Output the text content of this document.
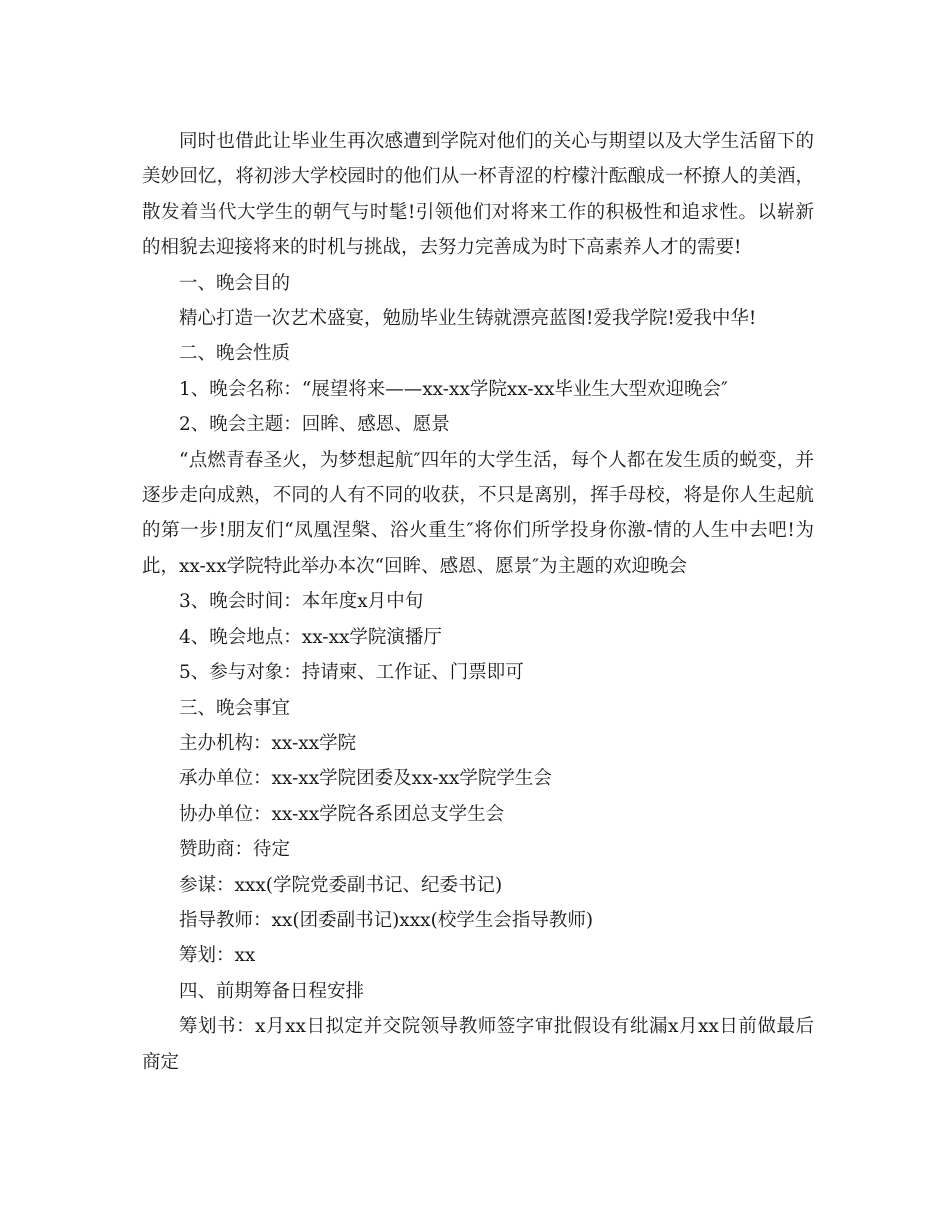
同时也借此让毕业生再次感遭到学院对他们的关心与期望以及大学生活留下的美妙回忆，将初涉大学校园时的他们从一杯青涩的柠檬汁酝酿成一杯撩人的美酒，散发着当代大学生的朝气与时髦!引领他们对将来工作的积极性和追求性。以崭新的相貌去迎接将来的时机与挑战，去努力完善成为时下高素养人才的需要!

一、晚会目的

精心打造一次艺术盛宴，勉励毕业生铸就漂亮蓝图!爱我学院!爱我中华!

二、晚会性质

1、晚会名称：“展望将来——xx-xx学院xx-xx毕业生大型欢迎晚会″

2、晚会主题：回眸、感恩、愿景

“点燃青春圣火，为梦想起航″四年的大学生活，每个人都在发生质的蜕变，并逐步走向成熟，不同的人有不同的收获，不只是离别，挥手母校，将是你人生起航的第一步!朋友们“凤凰涅槃、浴火重生″将你们所学投身你激-情的人生中去吧!为此，xx-xx学院特此举办本次“回眸、感恩、愿景″为主题的欢迎晚会

3、晚会时间：本年度x月中旬

4、晚会地点：xx-xx学院演播厅

5、参与对象：持请柬、工作证、门票即可

三、晚会事宜

主办机构：xx-xx学院

承办单位：xx-xx学院团委及xx-xx学院学生会

协办单位：xx-xx学院各系团总支学生会

赞助商：待定

参谋：xxx(学院党委副书记、纪委书记)

指导教师：xx(团委副书记)xxx(校学生会指导教师)

筹划：xx

四、前期筹备日程安排

筹划书：x月xx日拟定并交院领导教师签字审批假设有纰漏x月xx日前做最后商定
